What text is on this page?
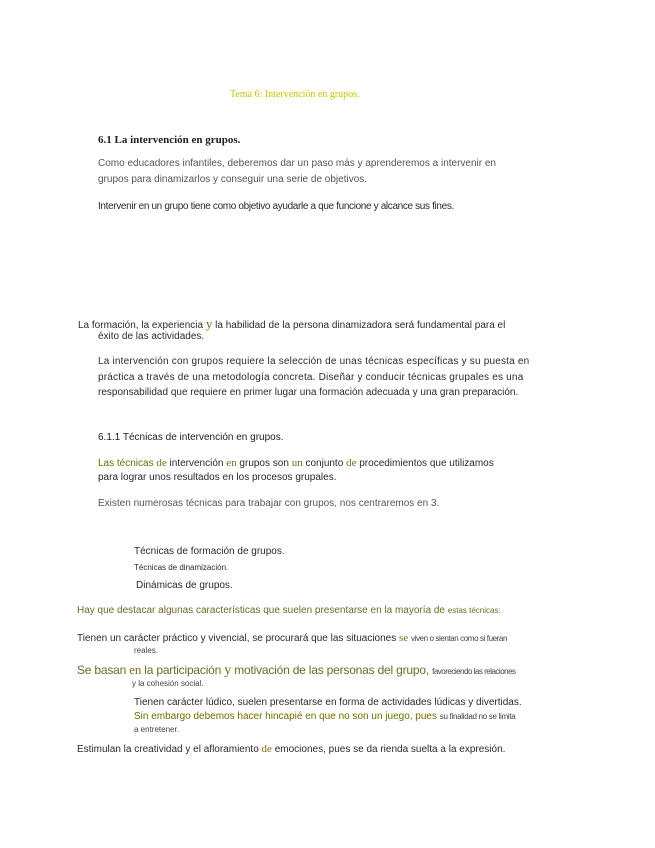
Tema 6: Intervención en grupos.
6.1 La intervención en grupos.
Como educadores infantiles, deberemos dar un paso más y aprenderemos a intervenir en
grupos para dinamizarlos y conseguir una serie de objetivos.
Intervenir en un grupo tiene como objetivo ayudarle a que funcione y alcance sus fines.
La formación, la experiencia y la habilidad de la persona dinamizadora será fundamental para el
éxito de las actividades.
La intervención con grupos requiere la selección de unas técnicas específicas y su puesta en
práctica a través de una metodología concreta. Diseñar y conducir técnicas grupales es una
responsabilidad que requiere en primer lugar una formación adecuada y una gran preparación.
6.1.1 Técnicas de intervención en grupos.
Las técnicas de intervención en grupos son un conjunto de procedimientos que utilizamos
para lograr unos resultados en los procesos grupales.
Existen numerosas técnicas para trabajar con grupos, nos centraremos en 3.
Técnicas de formación de grupos.
Técnicas de dinamización.
Dinámicas de grupos.
Hay que destacar algunas características que suelen presentarse en la mayoría de estas técnicas:
Tienen un carácter práctico y vivencial, se procurará que las situaciones se viven o sientan como si fueran
reales.
Se basan en la participación y motivación de las personas del grupo, favoreciendo las relaciones
y la cohesión social.
Tienen carácter lúdico, suelen presentarse en forma de actividades lúdicas y divertidas.
Sin embargo debemos hacer hincapié en que no son un juego, pues su finalidad no se limita
a entretener.
Estimulan la creatividad y el afloramiento de emociones, pues se da rienda suelta a la expresión.
